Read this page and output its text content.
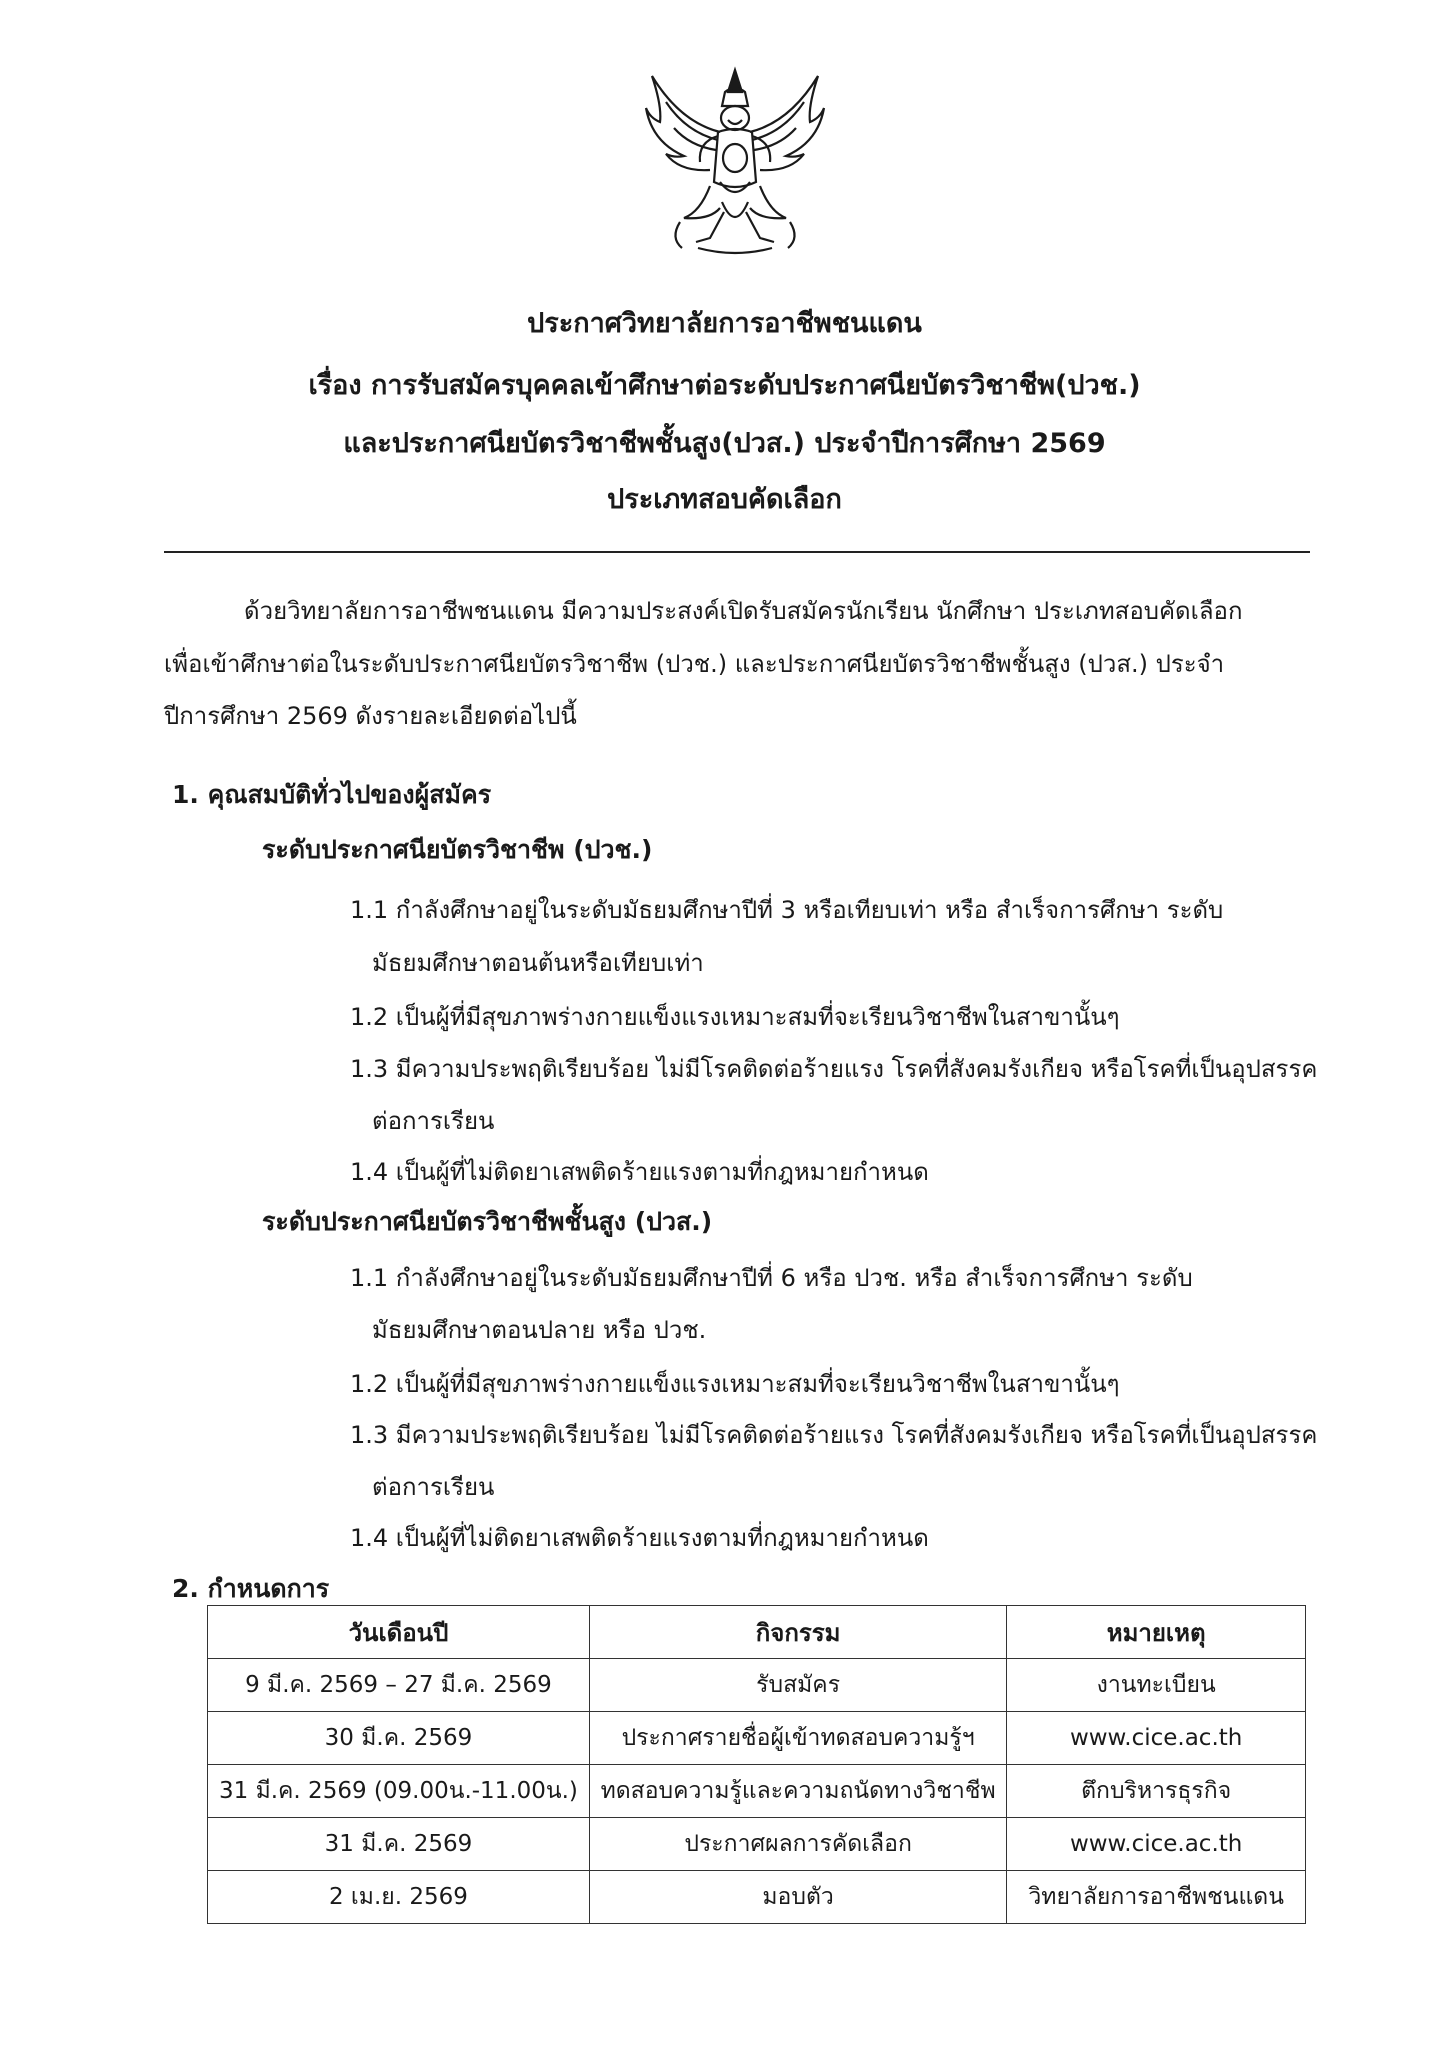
ประกาศวิทยาลัยการอาชีพชนแดน
เรื่อง การรับสมัครบุคคลเข้าศึกษาต่อระดับประกาศนียบัตรวิชาชีพ(ปวช.)
และประกาศนียบัตรวิชาชีพชั้นสูง(ปวส.) ประจำปีการศึกษา 2569
ประเภทสอบคัดเลือก
ด้วยวิทยาลัยการอาชีพชนแดน มีความประสงค์เปิดรับสมัครนักเรียน นักศึกษา ประเภทสอบคัดเลือก
เพื่อเข้าศึกษาต่อในระดับประกาศนียบัตรวิชาชีพ (ปวช.) และประกาศนียบัตรวิชาชีพชั้นสูง (ปวส.) ประจำ
ปีการศึกษา 2569 ดังรายละเอียดต่อไปนี้
1. คุณสมบัติทั่วไปของผู้สมัคร
ระดับประกาศนียบัตรวิชาชีพ (ปวช.)
1.1 กำลังศึกษาอยู่ในระดับมัธยมศึกษาปีที่ 3 หรือเทียบเท่า หรือ สำเร็จการศึกษา ระดับ
มัธยมศึกษาตอนต้นหรือเทียบเท่า
1.2 เป็นผู้ที่มีสุขภาพร่างกายแข็งแรงเหมาะสมที่จะเรียนวิชาชีพในสาขานั้นๆ
1.3 มีความประพฤติเรียบร้อย ไม่มีโรคติดต่อร้ายแรง โรคที่สังคมรังเกียจ หรือโรคที่เป็นอุปสรรค
ต่อการเรียน
1.4 เป็นผู้ที่ไม่ติดยาเสพติดร้ายแรงตามที่กฎหมายกำหนด
ระดับประกาศนียบัตรวิชาชีพชั้นสูง (ปวส.)
1.1 กำลังศึกษาอยู่ในระดับมัธยมศึกษาปีที่ 6 หรือ ปวช. หรือ สำเร็จการศึกษา ระดับ
มัธยมศึกษาตอนปลาย หรือ ปวช.
1.2 เป็นผู้ที่มีสุขภาพร่างกายแข็งแรงเหมาะสมที่จะเรียนวิชาชีพในสาขานั้นๆ
1.3 มีความประพฤติเรียบร้อย ไม่มีโรคติดต่อร้ายแรง โรคที่สังคมรังเกียจ หรือโรคที่เป็นอุปสรรค
ต่อการเรียน
1.4 เป็นผู้ที่ไม่ติดยาเสพติดร้ายแรงตามที่กฎหมายกำหนด
2. กำหนดการ
วันเดือนปี	กิจกรรม	หมายเหตุ
9 มี.ค. 2569 – 27 มี.ค. 2569	รับสมัคร	งานทะเบียน
30 มี.ค. 2569	ประกาศรายชื่อผู้เข้าทดสอบความรู้ฯ	www.cice.ac.th
31 มี.ค. 2569 (09.00น.-11.00น.)	ทดสอบความรู้และความถนัดทางวิชาชีพ	ตึกบริหารธุรกิจ
31 มี.ค. 2569	ประกาศผลการคัดเลือก	www.cice.ac.th
2 เม.ย. 2569	มอบตัว	วิทยาลัยการอาชีพชนแดน
